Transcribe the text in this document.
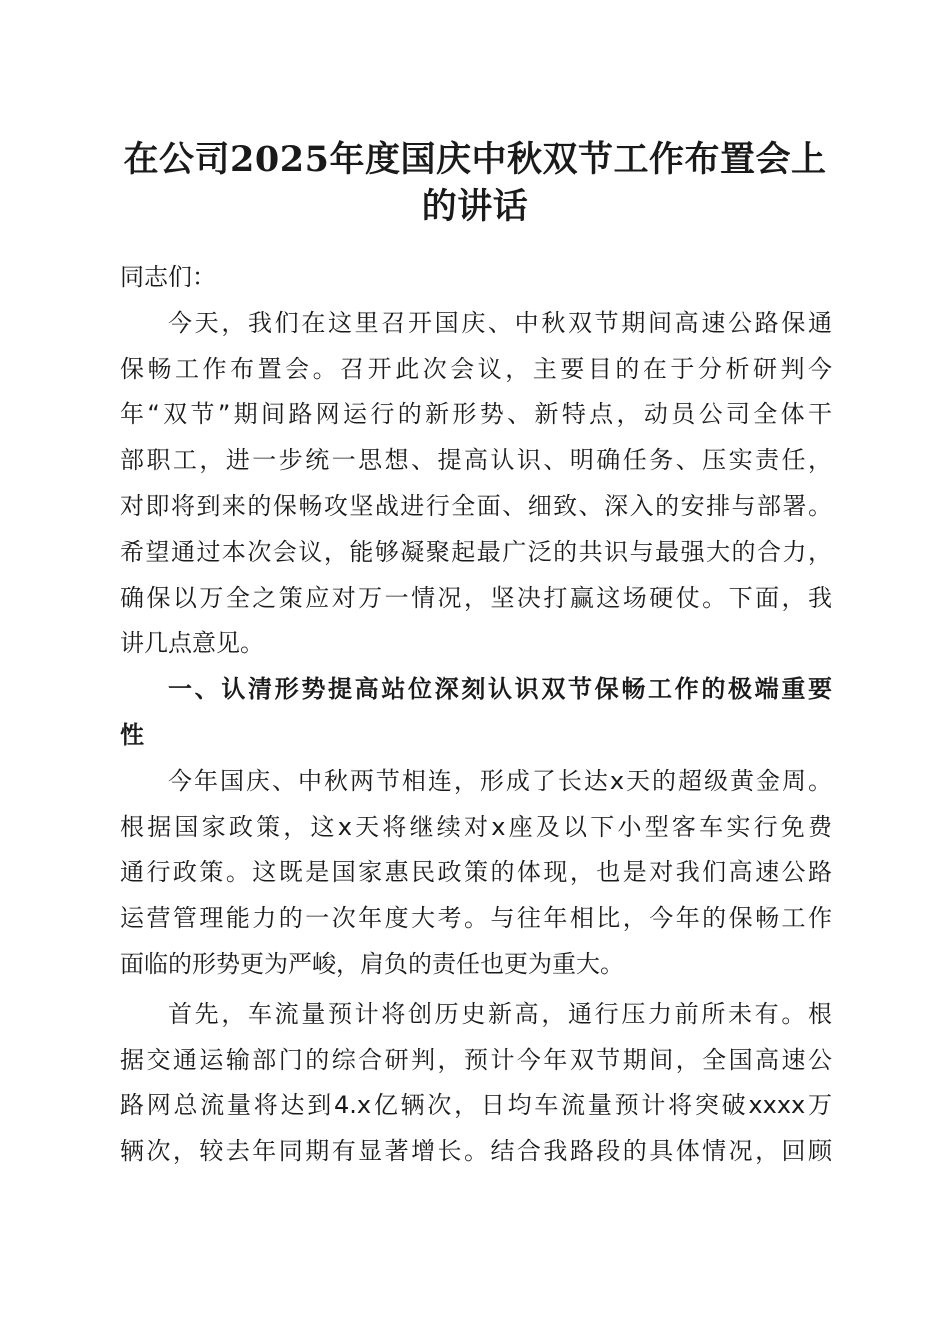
在公司2025年度国庆中秋双节工作布置会上
的讲话
同志们：
今天，我们在这里召开国庆、中秋双节期间高速公路保通
保畅工作布置会。召开此次会议，主要目的在于分析研判今
年“双节”期间路网运行的新形势、新特点，动员公司全体干
部职工，进一步统一思想、提高认识、明确任务、压实责任，
对即将到来的保畅攻坚战进行全面、细致、深入的安排与部署。
希望通过本次会议，能够凝聚起最广泛的共识与最强大的合力，
确保以万全之策应对万一情况，坚决打赢这场硬仗。下面，我
讲几点意见。
一、认清形势提高站位深刻认识双节保畅工作的极端重要
性
今年国庆、中秋两节相连，形成了长达x天的超级黄金周。
根据国家政策，这x天将继续对x座及以下小型客车实行免费
通行政策。这既是国家惠民政策的体现，也是对我们高速公路
运营管理能力的一次年度大考。与往年相比，今年的保畅工作
面临的形势更为严峻，肩负的责任也更为重大。
首先，车流量预计将创历史新高，通行压力前所未有。根
据交通运输部门的综合研判，预计今年双节期间，全国高速公
路网总流量将达到4.x亿辆次，日均车流量预计将突破xxxx万
辆次，较去年同期有显著增长。结合我路段的具体情况，回顾
